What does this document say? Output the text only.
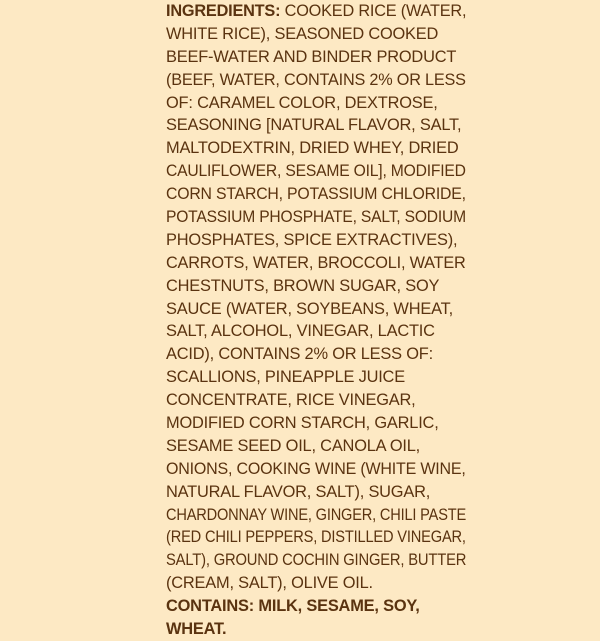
INGREDIENTS: COOKED RICE (WATER,
WHITE RICE), SEASONED COOKED
BEEF-WATER AND BINDER PRODUCT
(BEEF, WATER, CONTAINS 2% OR LESS
OF: CARAMEL COLOR, DEXTROSE,
SEASONING [NATURAL FLAVOR, SALT,
MALTODEXTRIN, DRIED WHEY, DRIED
CAULIFLOWER, SESAME OIL], MODIFIED
CORN STARCH, POTASSIUM CHLORIDE,
POTASSIUM PHOSPHATE, SALT, SODIUM
PHOSPHATES, SPICE EXTRACTIVES),
CARROTS, WATER, BROCCOLI, WATER
CHESTNUTS, BROWN SUGAR, SOY
SAUCE (WATER, SOYBEANS, WHEAT,
SALT, ALCOHOL, VINEGAR, LACTIC
ACID), CONTAINS 2% OR LESS OF:
SCALLIONS, PINEAPPLE JUICE
CONCENTRATE, RICE VINEGAR,
MODIFIED CORN STARCH, GARLIC,
SESAME SEED OIL, CANOLA OIL,
ONIONS, COOKING WINE (WHITE WINE,
NATURAL FLAVOR, SALT), SUGAR,
CHARDONNAY WINE, GINGER, CHILI PASTE
(RED CHILI PEPPERS, DISTILLED VINEGAR,
SALT), GROUND COCHIN GINGER, BUTTER
(CREAM, SALT), OLIVE OIL.
CONTAINS: MILK, SESAME, SOY,
WHEAT.
